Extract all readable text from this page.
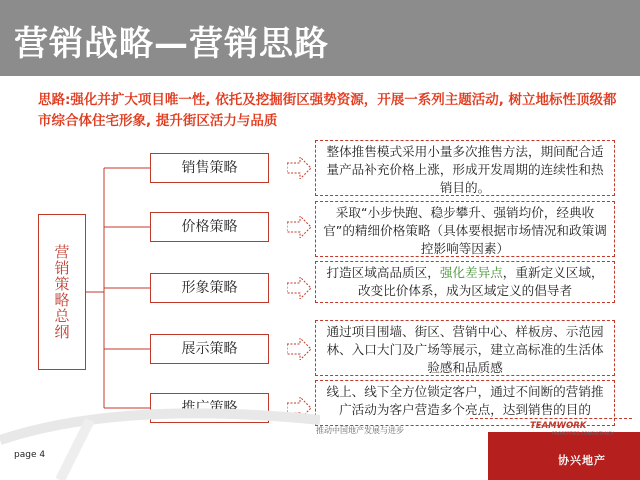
营销战略—营销思路
思路:强化并扩大项目唯一性, 依托及挖掘街区强势资源，开展一系列主题活动, 树立地标性顶级都市综合体住宅形象, 提升街区活力与品质
营销策略总纲
销售策略
整体推售模式采用小量多次推售方法，期间配合适量产品补充价格上涨，形成开发周期的连续性和热销目的。
价格策略
采取“小步快跑、稳步攀升、强销均价，经典收官”的精细价格策略（具体要根据市场情况和政策调控影响等因素）
形象策略
打造区域高品质区，强化差异点，重新定义区域，改变比价体系，成为区域定义的倡导者
展示策略
通过项目围墙、街区、营销中心、样板房、示范园林、入口大门及广场等展示，建立高标准的生活体验感和品质感
推广策略
线上、线下全方位锁定客户，通过不间断的营销推广活动为客户营造多个亮点，达到销售的目的
page 4
推动中国地产发展与进步	TEAMWORK
PROPERTIES CONSULTANCY
协兴地产
